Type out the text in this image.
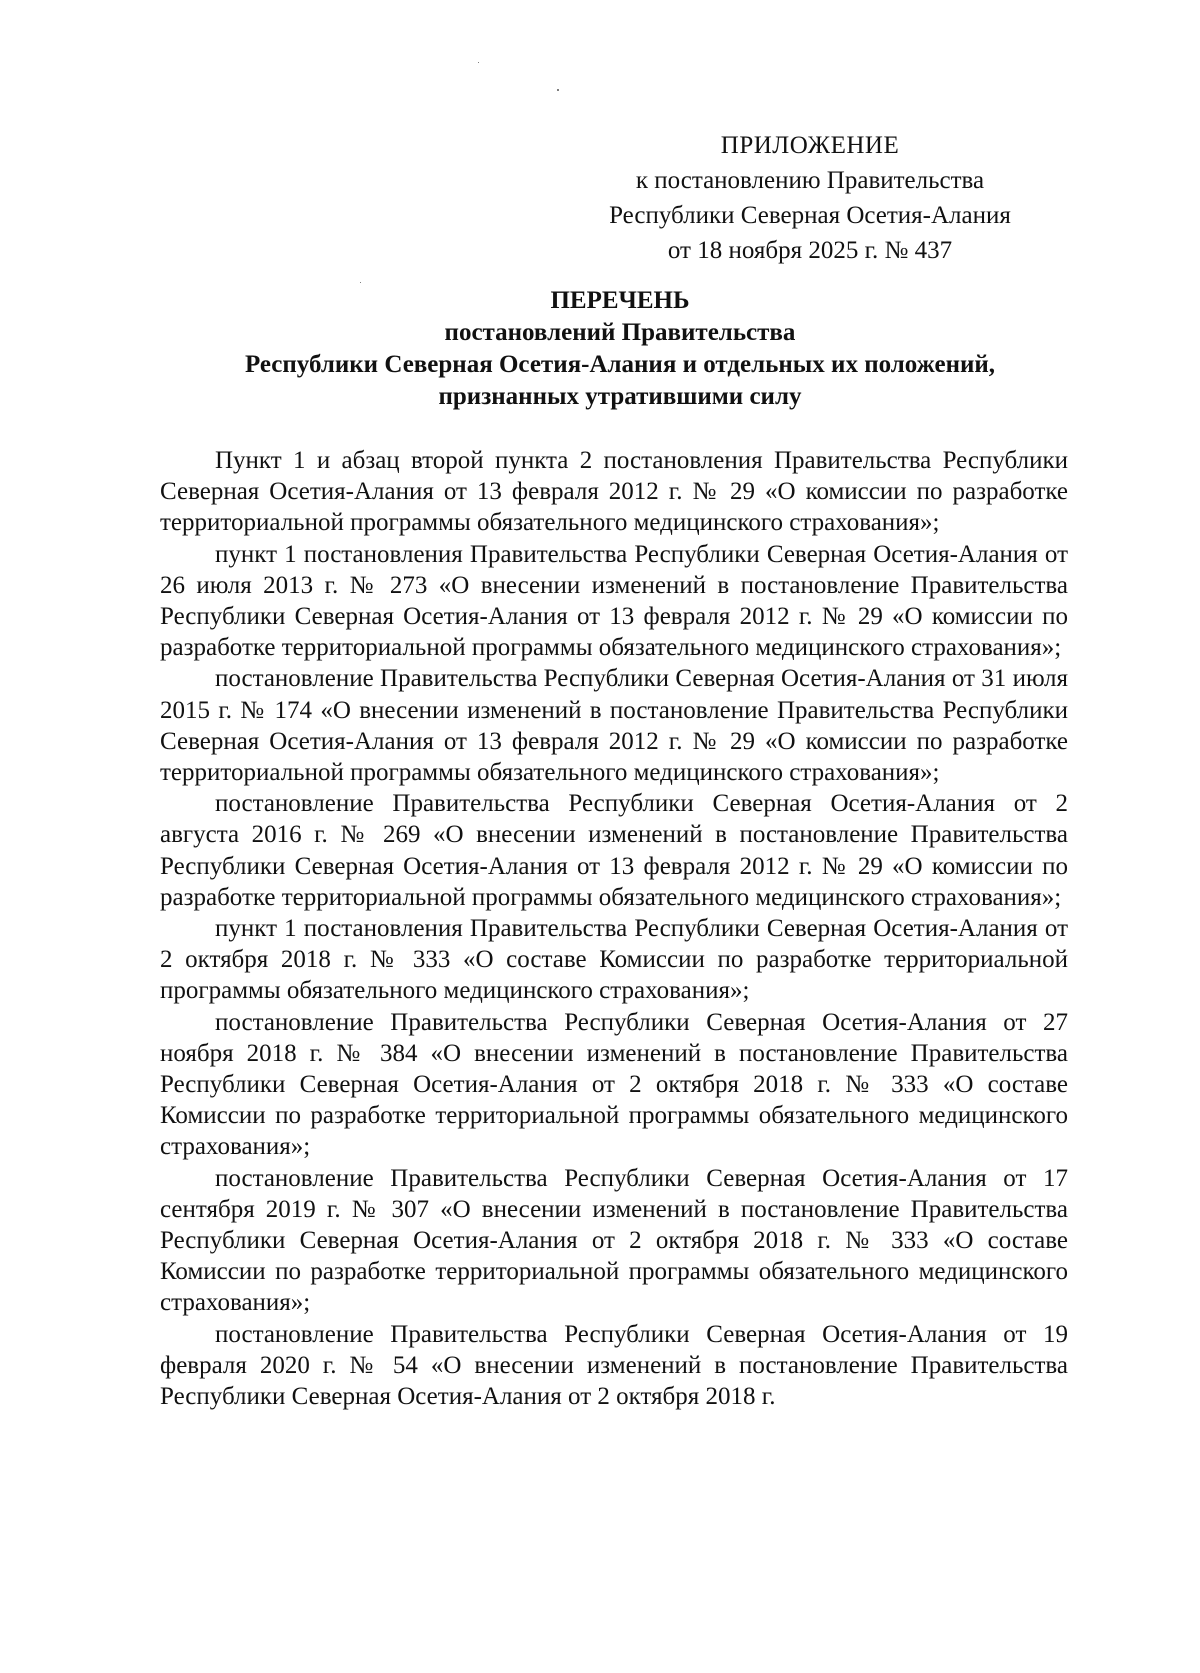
ПРИЛОЖЕНИЕ
к постановлению Правительства
Республики Северная Осетия-Алания
от 18 ноября 2025 г. № 437
ПЕРЕЧЕНЬ
постановлений Правительства
Республики Северная Осетия-Алания и отдельных их положений,
признанных утратившими силу

Пункт 1 и абзац второй пункта 2 постановления Правительства Республики Северная Осетия-Алания от 13 февраля 2012 г. № 29 «О комиссии по разработке территориальной программы обязательного медицинского страхования»;

пункт 1 постановления Правительства Республики Северная Осетия-Алания от 26 июля 2013 г. № 273 «О внесении изменений в постановление Правительства Республики Северная Осетия-Алания от 13 февраля 2012 г. № 29 «О комиссии по разработке территориальной программы обязательного медицинского страхования»;

постановление Правительства Республики Северная Осетия-Алания от 31 июля 2015 г. № 174 «О внесении изменений в постановление Правительства Республики Северная Осетия-Алания от 13 февраля 2012 г. № 29 «О комиссии по разработке территориальной программы обязательного медицинского страхования»;

постановление Правительства Республики Северная Осетия-Алания от 2 августа 2016 г. № 269 «О внесении изменений в постановление Правительства Республики Северная Осетия-Алания от 13 февраля 2012 г. № 29 «О комиссии по разработке территориальной программы обязательного медицинского страхования»;

пункт 1 постановления Правительства Республики Северная Осетия-Алания от 2 октября 2018 г. № 333 «О составе Комиссии по разработке территориальной программы обязательного медицинского страхования»;

постановление Правительства Республики Северная Осетия-Алания от 27 ноября 2018 г. № 384 «О внесении изменений в постановление Правительства Республики Северная Осетия-Алания от 2 октября 2018 г. № 333 «О составе Комиссии по разработке территориальной программы обязательного медицинского страхования»;

постановление Правительства Республики Северная Осетия-Алания от 17 сентября 2019 г. № 307 «О внесении изменений в постановление Правительства Республики Северная Осетия-Алания от 2 октября 2018 г. № 333 «О составе Комиссии по разработке территориальной программы обязательного медицинского страхования»;

постановление Правительства Республики Северная Осетия-Алания от 19 февраля 2020 г. № 54 «О внесении изменений в постановление Правительства Республики Северная Осетия-Алания от 2 октября 2018 г.
